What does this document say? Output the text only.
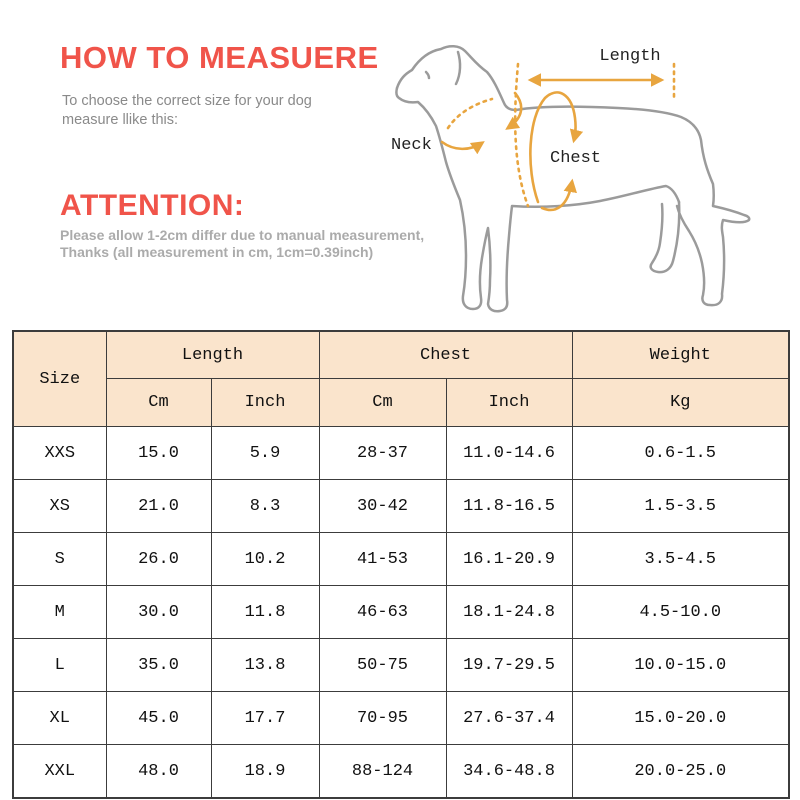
HOW TO MEASUERE
To choose the correct size for your dog
measure llike this:
ATTENTION:
Please allow 1-2cm differ due to manual measurement,
Thanks (all measurement in cm, 1cm=0.39inch)
Length
Neck
Chest
Size	Length		Chest		Weight
	Cm	Inch	Cm	Inch	Kg
XXS	15.0	5.9	28-37	11.0-14.6	0.6-1.5
XS	21.0	8.3	30-42	11.8-16.5	1.5-3.5
S	26.0	10.2	41-53	16.1-20.9	3.5-4.5
M	30.0	11.8	46-63	18.1-24.8	4.5-10.0
L	35.0	13.8	50-75	19.7-29.5	10.0-15.0
XL	45.0	17.7	70-95	27.6-37.4	15.0-20.0
XXL	48.0	18.9	88-124	34.6-48.8	20.0-25.0
